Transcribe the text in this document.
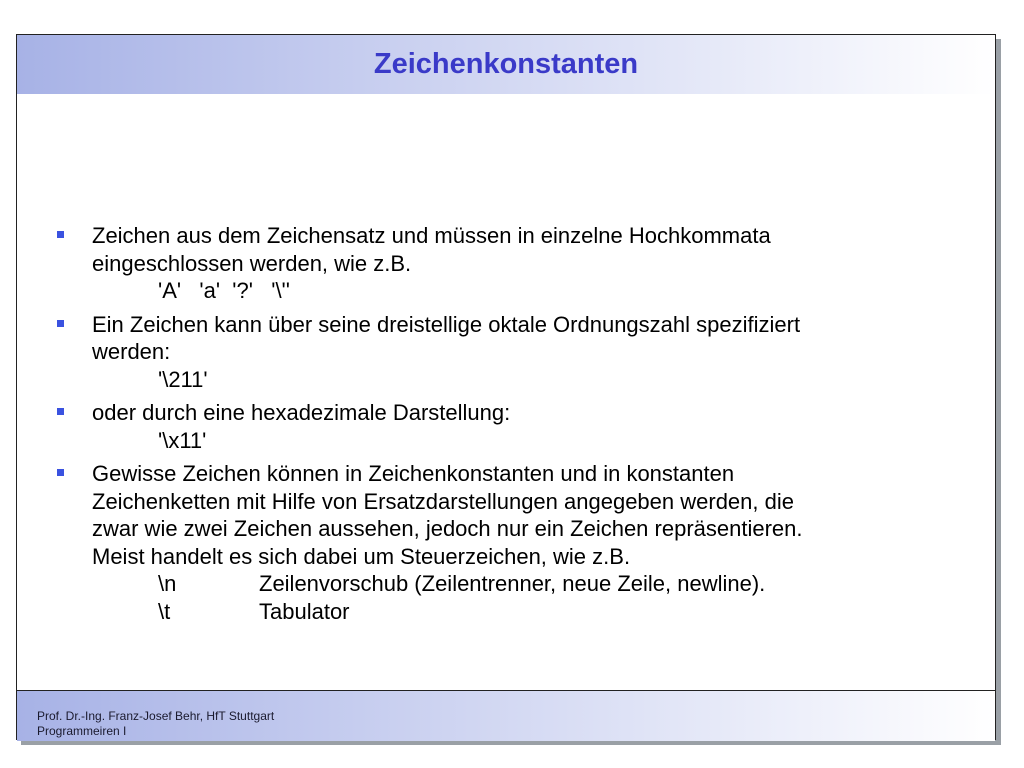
Zeichenkonstanten
Zeichen aus dem Zeichensatz und müssen in einzelne Hochkommata
eingeschlossen werden, wie z.B.
'A'   'a'  '?'   '\''
Ein Zeichen kann über seine dreistellige oktale Ordnungszahl spezifiziert
werden:
'\211'
oder durch eine hexadezimale Darstellung:
'\x11'
Gewisse Zeichen können in Zeichenkonstanten und in konstanten
Zeichenketten mit Hilfe von Ersatzdarstellungen angegeben werden, die
zwar wie zwei Zeichen aussehen, jedoch nur ein Zeichen repräsentieren.
Meist handelt es sich dabei um Steuerzeichen, wie z.B.
\n	Zeilenvorschub (Zeilentrenner, neue Zeile, newline).
\t	Tabulator
Prof. Dr.-Ing. Franz-Josef Behr, HfT Stuttgart
Programmeiren I
